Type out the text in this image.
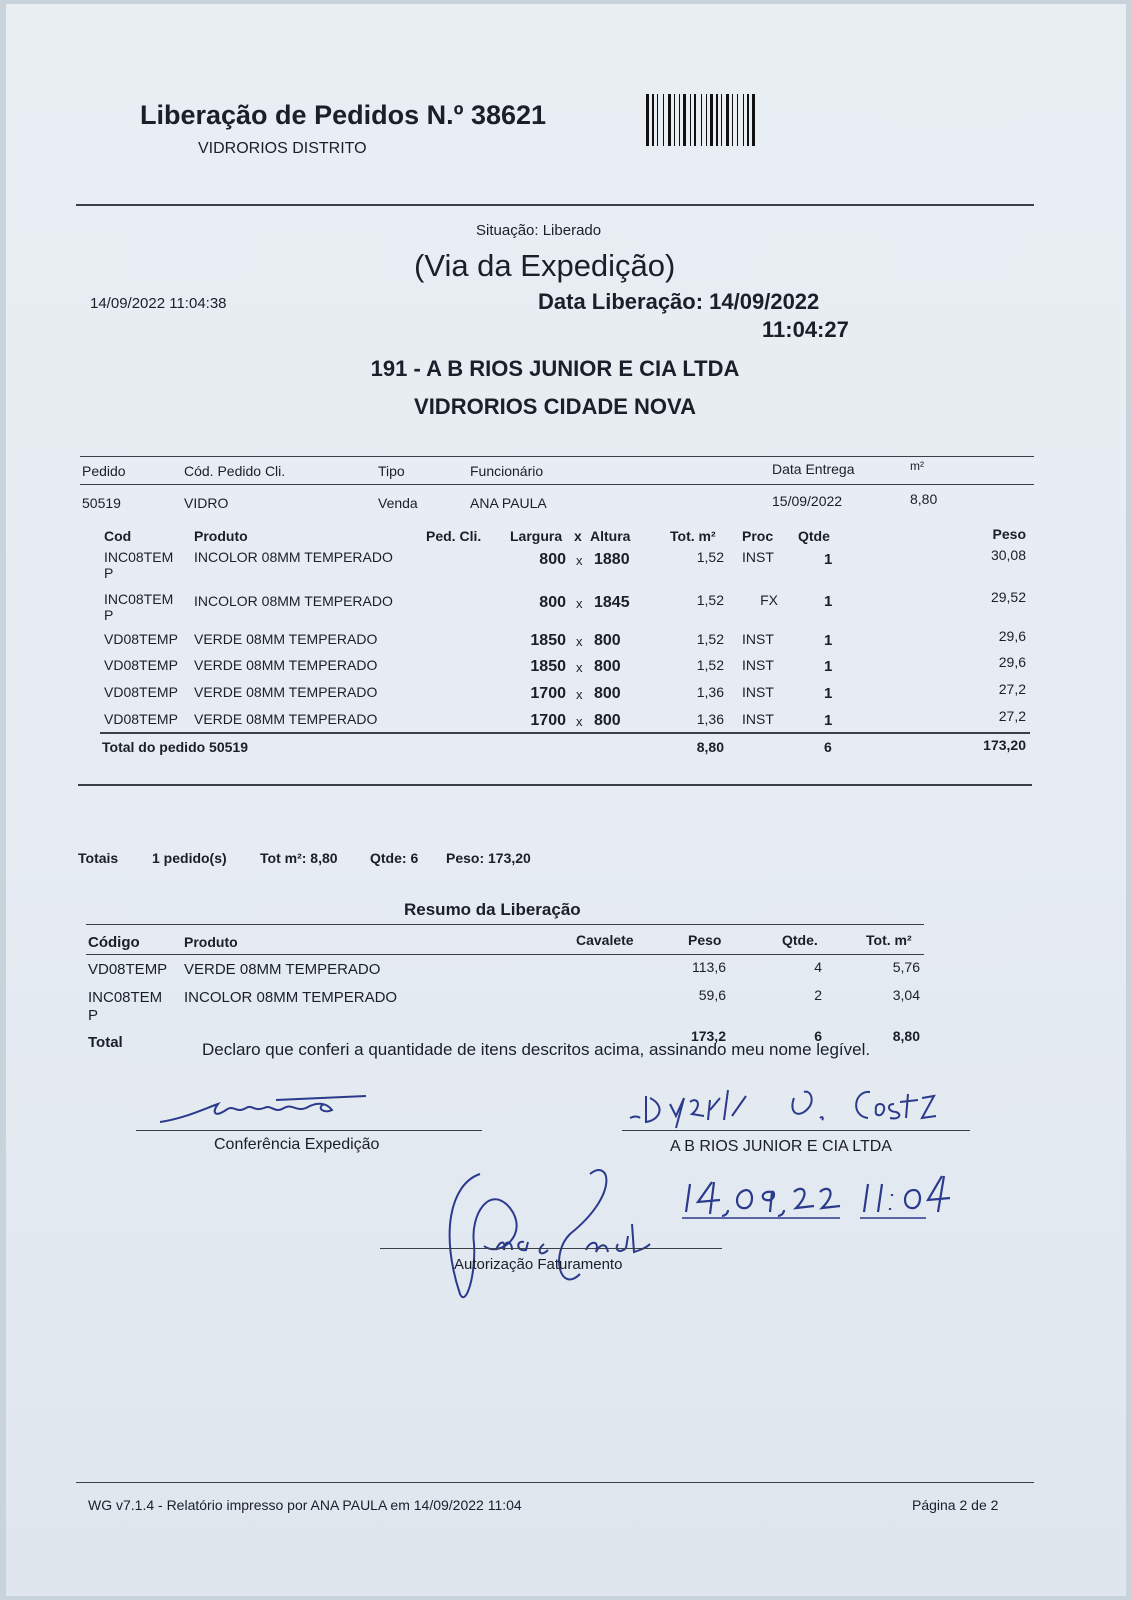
Liberação de Pedidos N.º 38621
VIDRORIOS DISTRITO
Situação: Liberado
(Via da Expedição)
14/09/2022 11:04:38	Data Liberação: 14/09/2022
11:04:27
191 - A B RIOS JUNIOR E CIA LTDA
VIDRORIOS CIDADE NOVA
Pedido	Cód. Pedido Cli.	Tipo	Funcionário	Data Entrega	m²
50519	VIDRO	Venda	ANA PAULA	15/09/2022	8,80
Cod	Produto	Ped. Cli. Largura x Altura	Tot. m² Proc Qtde	Peso
INC08TEM
P
INCOLOR 08MM TEMPERADO	800 x 1880	1,52 INST	1	30,08
INC08TEM
P
INCOLOR 08MM TEMPERADO	800 x 1845	1,52	FX	1	29,52
VD08TEMP VERDE 08MM TEMPERADO	1850 x 800	1,52 INST	1	29,6
VD08TEMP VERDE 08MM TEMPERADO	1850 x 800	1,52 INST	1	29,6
VD08TEMP VERDE 08MM TEMPERADO	1700 x 800	1,36 INST	1	27,2
VD08TEMP VERDE 08MM TEMPERADO	1700 x 800	1,36 INST	1	27,2
Total do pedido 50519	8,80	6	173,20
Totais 1 pedido(s) Tot m²: 8,80 Qtde: 6 Peso: 173,20
Resumo da Liberação
Código	Produto	Cavalete	Peso	Qtde.	Tot. m²
VD08TEMP VERDE 08MM TEMPERADO	113,6	4	5,76
INC08TEM
P
INCOLOR 08MM TEMPERADO	59,6	2	3,04
Total	173,2	6	8,80
Declaro que conferi a quantidade de itens descritos acima, assinando meu nome legível.
Conferência Expedição	A B RIOS JUNIOR E CIA LTDA
Autorização Faturamento
WG v7.1.4 - Relatório impresso por ANA PAULA em 14/09/2022 11:04	Página 2 de 2
